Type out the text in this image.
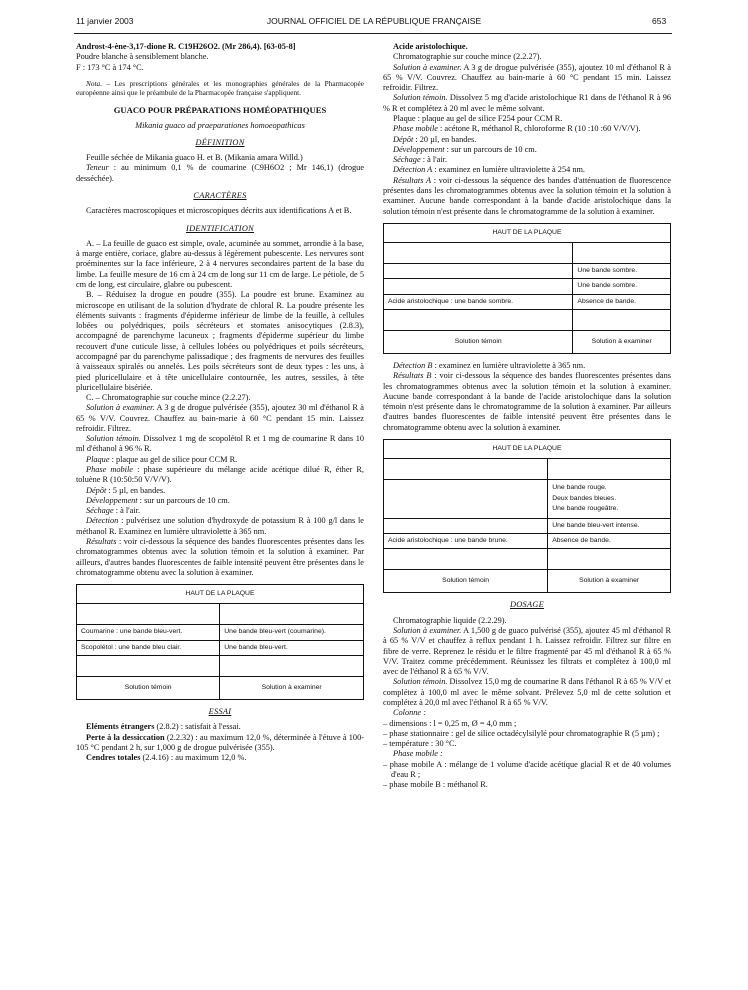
11 janvier 2003	JOURNAL OFFICIEL DE LA RÉPUBLIQUE FRANÇAISE	653

Androst-4-ène-3,17-dione R. C19H26O2. (Mr 286,4). [63-05-8]

Poudre blanche à sensiblement blanche.

F : 173 °C à 174 °C.

Nota. – Les prescriptions générales et les monographies générales de la Pharmacopée européenne ainsi que le préambule de la Pharmacopée française s'appliquent.

GUACO POUR PRÉPARATIONS HOMÉOPATHIQUES

Mikania guaco ad praeparationes homoeopathicas

DÉFINITION

Feuille séchée de Mikania guaco H. et B. (Mikania amara Willd.)

Teneur : au minimum 0,1 % de coumarine (C9H6O2 ; Mr 146,1) (drogue desséchée).

CARACTÈRES

Caractères macroscopiques et microscopiques décrits aux identifications A et B.

IDENTIFICATION

A. – La feuille de guaco est simple, ovale, acuminée au sommet, arrondie à la base, à marge entière, coriace, glabre au-dessus à légèrement pubescente. Les nervures sont proéminentes sur la face inférieure, 2 à 4 nervures secondaires partent de la base du limbe. La feuille mesure de 16 cm à 24 cm de long sur 11 cm de large. Le pétiole, de 5 cm de long, est circulaire, glabre ou pubescent.

B. – Réduisez la drogue en poudre (355). La poudre est brune. Examinez au microscope en utilisant de la solution d'hydrate de chloral R. La poudre présente les éléments suivants : fragments d'épiderme inférieur de limbe de la feuille, à cellules lobées ou polyédriques, poils sécréteurs et stomates anisocytiques (2.8.3), accompagné de parenchyme lacuneux ; fragments d'épiderme supérieur du limbe recouvert d'une cuticule lisse, à cellules lobées ou polyédriques et poils sécréteurs, accompagné par du parenchyme palissadique ; des fragments de nervures des feuilles à vaisseaux spiralés ou annelés. Les poils sécréteurs sont de deux types : les uns, à pied pluricellulaire et à tête unicellulaire contournée, les autres, sessiles, à tête pluricellulaire bisériée.

C. – Chromatographie sur couche mince (2.2.27).

Solution à examiner. A 3 g de drogue pulvérisée (355), ajoutez 30 ml d'éthanol R à 65 % V/V. Couvrez. Chauffez au bain-marie à 60 °C pendant 15 min. Laissez refroidir. Filtrez.

Solution témoin. Dissolvez 1 mg de scopolétol R et 1 mg de coumarine R dans 10 ml d'éthanol à 96 % R.

Plaque : plaque au gel de silice pour CCM R.

Phase mobile : phase supérieure du mélange acide acétique dilué R, éther R, toluène R (10:50:50 V/V/V).

Dépôt : 5 µl, en bandes.

Développement : sur un parcours de 10 cm.

Séchage : à l'air.

Détection : pulvérisez une solution d'hydroxyde de potassium R à 100 g/l dans le méthanol R. Examinez en lumière ultraviolette à 365 nm.

Résultats : voir ci-dessous la séquence des bandes fluorescentes présentes dans les chromatogrammes obtenus avec la solution témoin et la solution à examiner. Par ailleurs, d'autres bandes fluorescentes de faible intensité peuvent être présentes dans le chromatogramme obtenu avec la solution à examiner.

HAUT DE LA PLAQUE	

Coumarine : une bande bleu-vert.	Une bande bleu-vert (coumarine).
Scopolétol : une bande bleu clair.	Une bande bleu-vert.

Solution témoin	Solution à examiner

ESSAI

Eléments étrangers (2.8.2) : satisfait à l'essai.

Perte à la dessiccation (2.2.32) : au maximum 12,0 %, déterminée à l'étuve à 100-105 °C pendant 2 h, sur 1,000 g de drogue pulvérisée (355).

Cendres totales (2.4.16) : au maximum 12,0 %.

Acide aristolochique.

Chromatographie sur couche mince (2.2.27).

Solution à examiner. A 3 g de drogue pulvérisée (355), ajoutez 10 ml d'éthanol R à 65 % V/V. Couvrez. Chauffez au bain-marie à 60 °C pendant 15 min. Laissez refroidir. Filtrez.

Solution témoin. Dissolvez 5 mg d'acide aristolochique R1 dans de l'éthanol R à 96 % R et complétez à 20 ml avec le même solvant.

Plaque : plaque au gel de silice F254 pour CCM R.

Phase mobile : acétone R, méthanol R, chloroforme R (10 :10 :60 V/V/V).

Dépôt : 20 µl, en bandes.

Développement : sur un parcours de 10 cm.

Séchage : à l'air.

Détection A : examinez en lumière ultraviolette à 254 nm.

Résultats A : voir ci-dessous la séquence des bandes d'atténuation de fluorescence présentes dans les chromatogrammes obtenus avec la solution témoin et la solution à examiner. Aucune bande correspondant à la bande d'acide aristolochique dans la solution témoin n'est présente dans le chromatogramme de la solution à examiner.

HAUT DE LA PLAQUE	

	Une bande sombre.
	Une bande sombre.
Acide aristolochique : une bande sombre.	Absence de bande.

Solution témoin	Solution à examiner

Détection B : examinez en lumière ultraviolette à 365 nm.

Résultats B : voir ci-dessous la séquence des bandes fluorescentes présentes dans les chromatogrammes obtenus avec la solution témoin et la solution à examiner. Aucune bande correspondant à la bande de l'acide aristolochique dans la solution témoin n'est présente dans le chromatogramme de la solution à examiner. Par ailleurs d'autres bandes fluorescentes de faible intensité peuvent être présentes dans le chromatogramme obtenu avec la solution à examiner.

HAUT DE LA PLAQUE	

	Une bande rouge.
Deux bandes bleues.
Une bande rougeâtre.

	Une bande bleu-vert intense.
Acide aristolochique : une bande brune.	Absence de bande.

Solution témoin	Solution à examiner

DOSAGE

Chromatographie liquide (2.2.29).

Solution à examiner. A 1,500 g de guaco pulvérisé (355), ajoutez 45 ml d'éthanol R à 65 % V/V et chauffez à reflux pendant 1 h. Laissez refroidir. Filtrez sur filtre en fibre de verre. Reprenez le résidu et le filtre fragmenté par 45 ml d'éthanol R à 65 % V/V. Traitez comme précédemment. Réunissez les filtrats et complétez à 100,0 ml avec de l'éthanol R à 65 % V/V.

Solution témoin. Dissolvez 15,0 mg de coumarine R dans l'éthanol R à 65 % V/V et complétez à 100,0 ml avec le même solvant. Prélevez 5,0 ml de cette solution et complétez à 20,0 ml avec l'éthanol R à 65 % V/V.

Colonne :

– dimensions : l = 0,25 m, Ø = 4,0 mm ;

– phase stationnaire : gel de silice octadécylsilylé pour chromatographie R (5 µm) ;

– température : 30 °C.

Phase mobile :

– phase mobile A : mélange de 1 volume d'acide acétique glacial R et de 40 volumes d'eau R ;

– phase mobile B : méthanol R.
